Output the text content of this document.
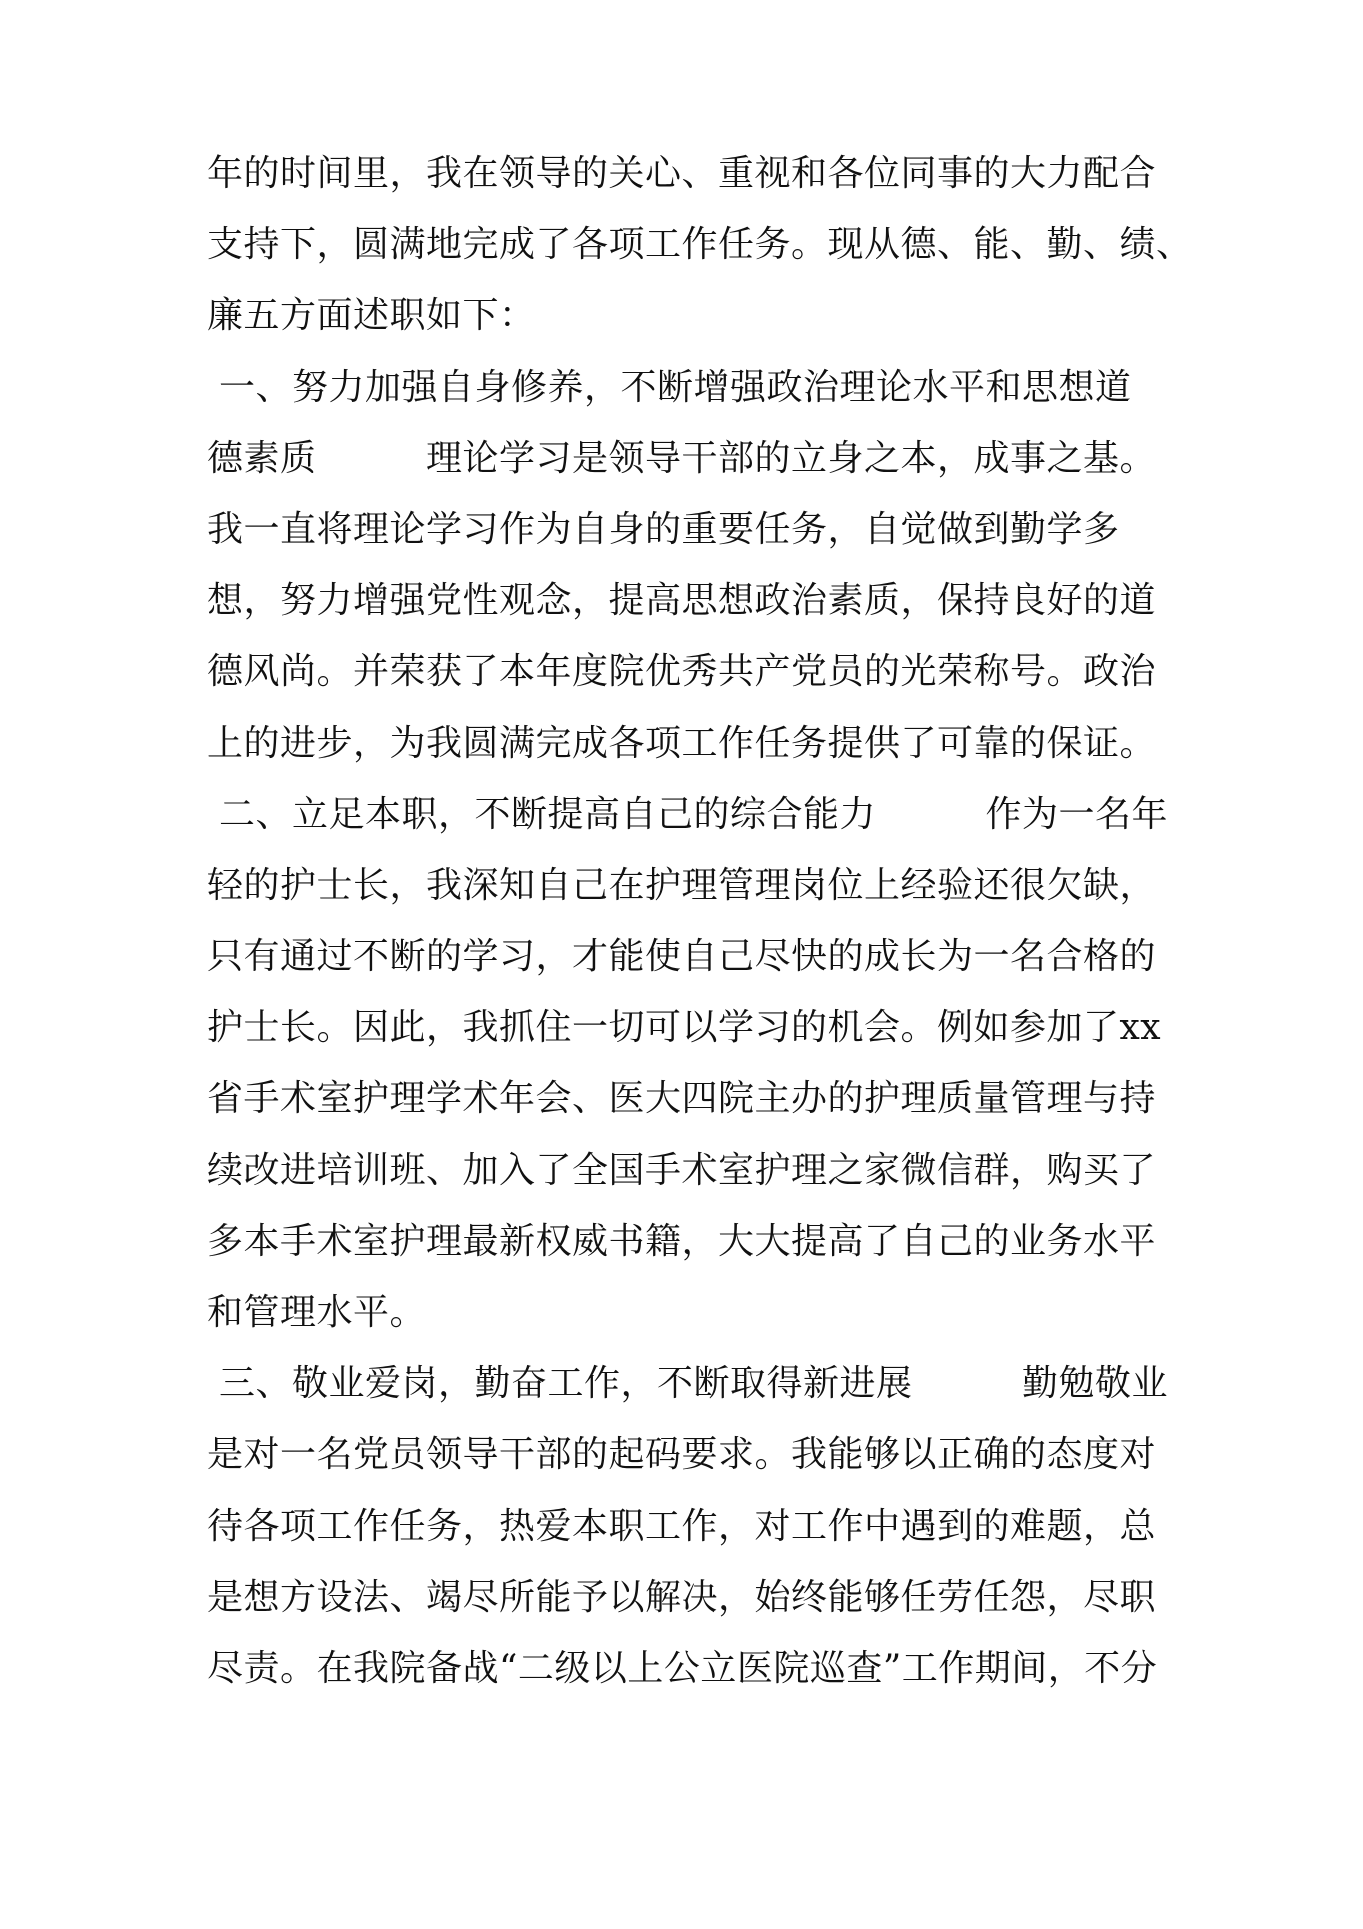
年的时间里，我在领导的关心、重视和各位同事的大力配合
支持下，圆满地完成了各项工作任务。现从德、能、勤、绩、
廉五方面述职如下：
一、努力加强自身修养，不断增强政治理论水平和思想道
德素质　　　理论学习是领导干部的立身之本，成事之基。
我一直将理论学习作为自身的重要任务，自觉做到勤学多
想，努力增强党性观念，提高思想政治素质，保持良好的道
德风尚。并荣获了本年度院优秀共产党员的光荣称号。政治
上的进步，为我圆满完成各项工作任务提供了可靠的保证。
二、立足本职，不断提高自己的综合能力　　　作为一名年
轻的护士长，我深知自己在护理管理岗位上经验还很欠缺，
只有通过不断的学习，才能使自己尽快的成长为一名合格的
护士长。因此，我抓住一切可以学习的机会。例如参加了xx
省手术室护理学术年会、医大四院主办的护理质量管理与持
续改进培训班、加入了全国手术室护理之家微信群，购买了
多本手术室护理最新权威书籍，大大提高了自己的业务水平
和管理水平。
三、敬业爱岗，勤奋工作，不断取得新进展　　　勤勉敬业
是对一名党员领导干部的起码要求。我能够以正确的态度对
待各项工作任务，热爱本职工作，对工作中遇到的难题，总
是想方设法、竭尽所能予以解决，始终能够任劳任怨，尽职
尽责。在我院备战“二级以上公立医院巡查”工作期间，不分
